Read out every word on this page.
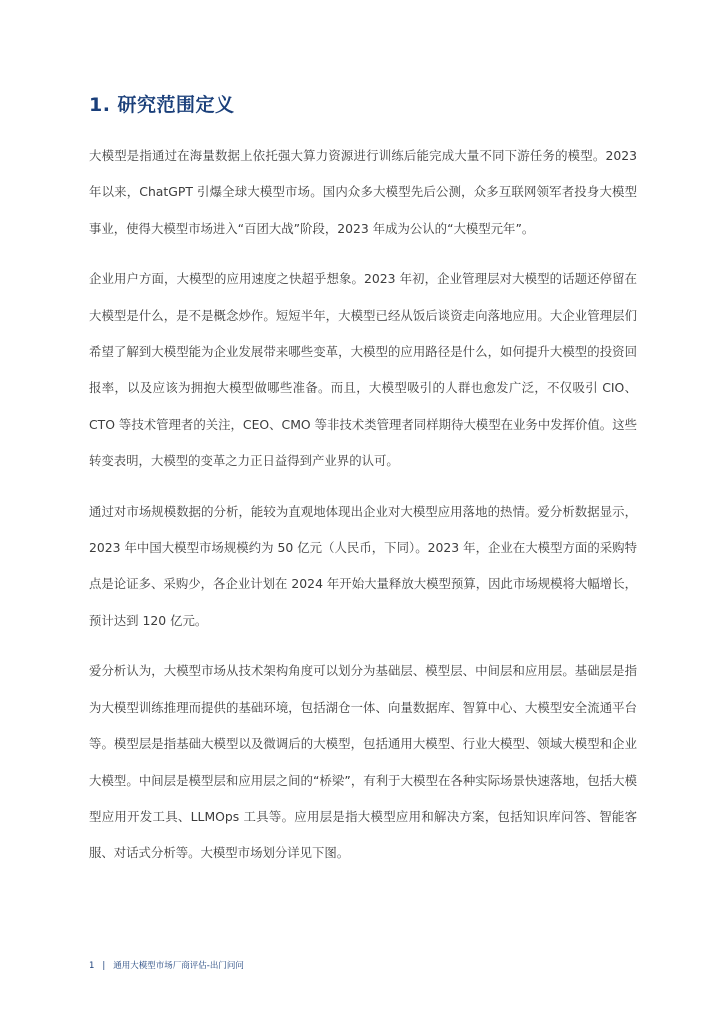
1. 研究范围定义

大模型是指通过在海量数据上依托强大算力资源进行训练后能完成大量不同下游任务的模型。2023年以来，ChatGPT 引爆全球大模型市场。国内众多大模型先后公测，众多互联网领军者投身大模型事业，使得大模型市场进入“百团大战”阶段，2023 年成为公认的“大模型元年”。

企业用户方面，大模型的应用速度之快超乎想象。2023 年初，企业管理层对大模型的话题还停留在大模型是什么，是不是概念炒作。短短半年，大模型已经从饭后谈资走向落地应用。大企业管理层们希望了解到大模型能为企业发展带来哪些变革，大模型的应用路径是什么，如何提升大模型的投资回报率，以及应该为拥抱大模型做哪些准备。而且，大模型吸引的人群也愈发广泛，不仅吸引 CIO、CTO 等技术管理者的关注，CEO、CMO 等非技术类管理者同样期待大模型在业务中发挥价值。这些转变表明，大模型的变革之力正日益得到产业界的认可。

通过对市场规模数据的分析，能较为直观地体现出企业对大模型应用落地的热情。爱分析数据显示，2023 年中国大模型市场规模约为 50 亿元（人民币，下同）。2023 年，企业在大模型方面的采购特点是论证多、采购少，各企业计划在 2024 年开始大量释放大模型预算，因此市场规模将大幅增长，预计达到 120 亿元。

爱分析认为，大模型市场从技术架构角度可以划分为基础层、模型层、中间层和应用层。基础层是指为大模型训练推理而提供的基础环境，包括湖仓一体、向量数据库、智算中心、大模型安全流通平台等。模型层是指基础大模型以及微调后的大模型，包括通用大模型、行业大模型、领域大模型和企业大模型。中间层是模型层和应用层之间的“桥梁”，有利于大模型在各种实际场景快速落地，包括大模型应用开发工具、LLMOps 工具等。应用层是指大模型应用和解决方案，包括知识库问答、智能客服、对话式分析等。大模型市场划分详见下图。

1 | 通用大模型市场厂商评估-出门问问
